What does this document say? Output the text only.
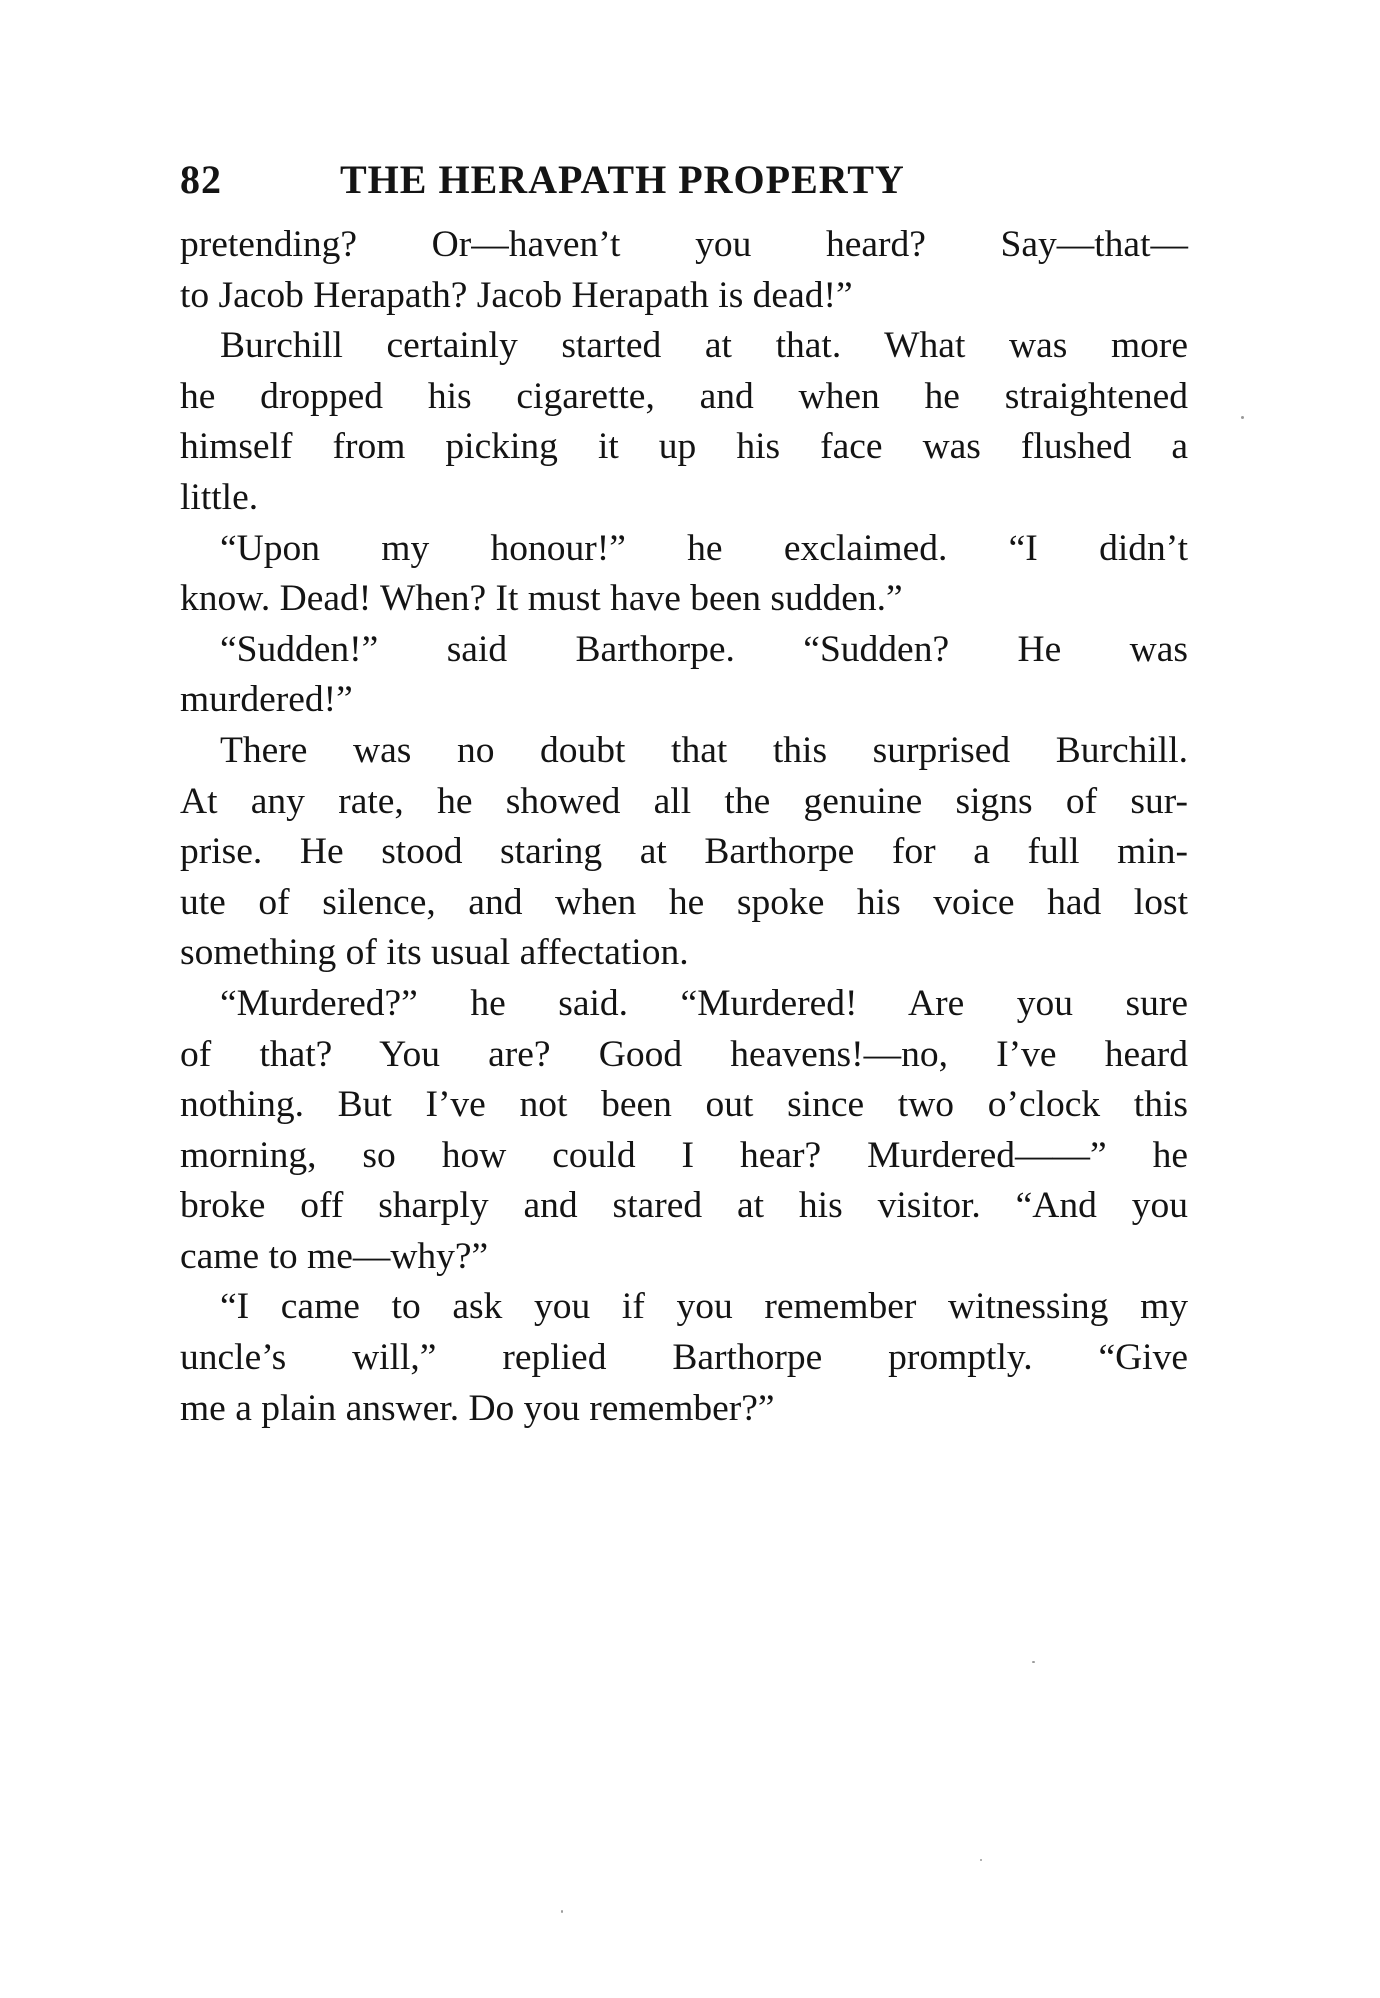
82	THE HERAPATH PROPERTY
pretending? Or—haven’t you heard? Say—that—
to Jacob Herapath? Jacob Herapath is dead!”
Burchill certainly started at that. What was more
he dropped his cigarette, and when he straightened
himself from picking it up his face was flushed a
little.
“Upon my honour!” he exclaimed. “I didn’t
know. Dead! When? It must have been sudden.”
“Sudden!” said Barthorpe. “Sudden? He was
murdered!”
There was no doubt that this surprised Burchill.
At any rate, he showed all the genuine signs of sur-
prise. He stood staring at Barthorpe for a full min-
ute of silence, and when he spoke his voice had lost
something of its usual affectation.
“Murdered?” he said. “Murdered! Are you sure
of that? You are? Good heavens!—no, I’ve heard
nothing. But I’ve not been out since two o’clock this
morning, so how could I hear? Murdered——” he
broke off sharply and stared at his visitor. “And you
came to me—why?”
“I came to ask you if you remember witnessing my
uncle’s will,” replied Barthorpe promptly. “Give
me a plain answer. Do you remember?”
